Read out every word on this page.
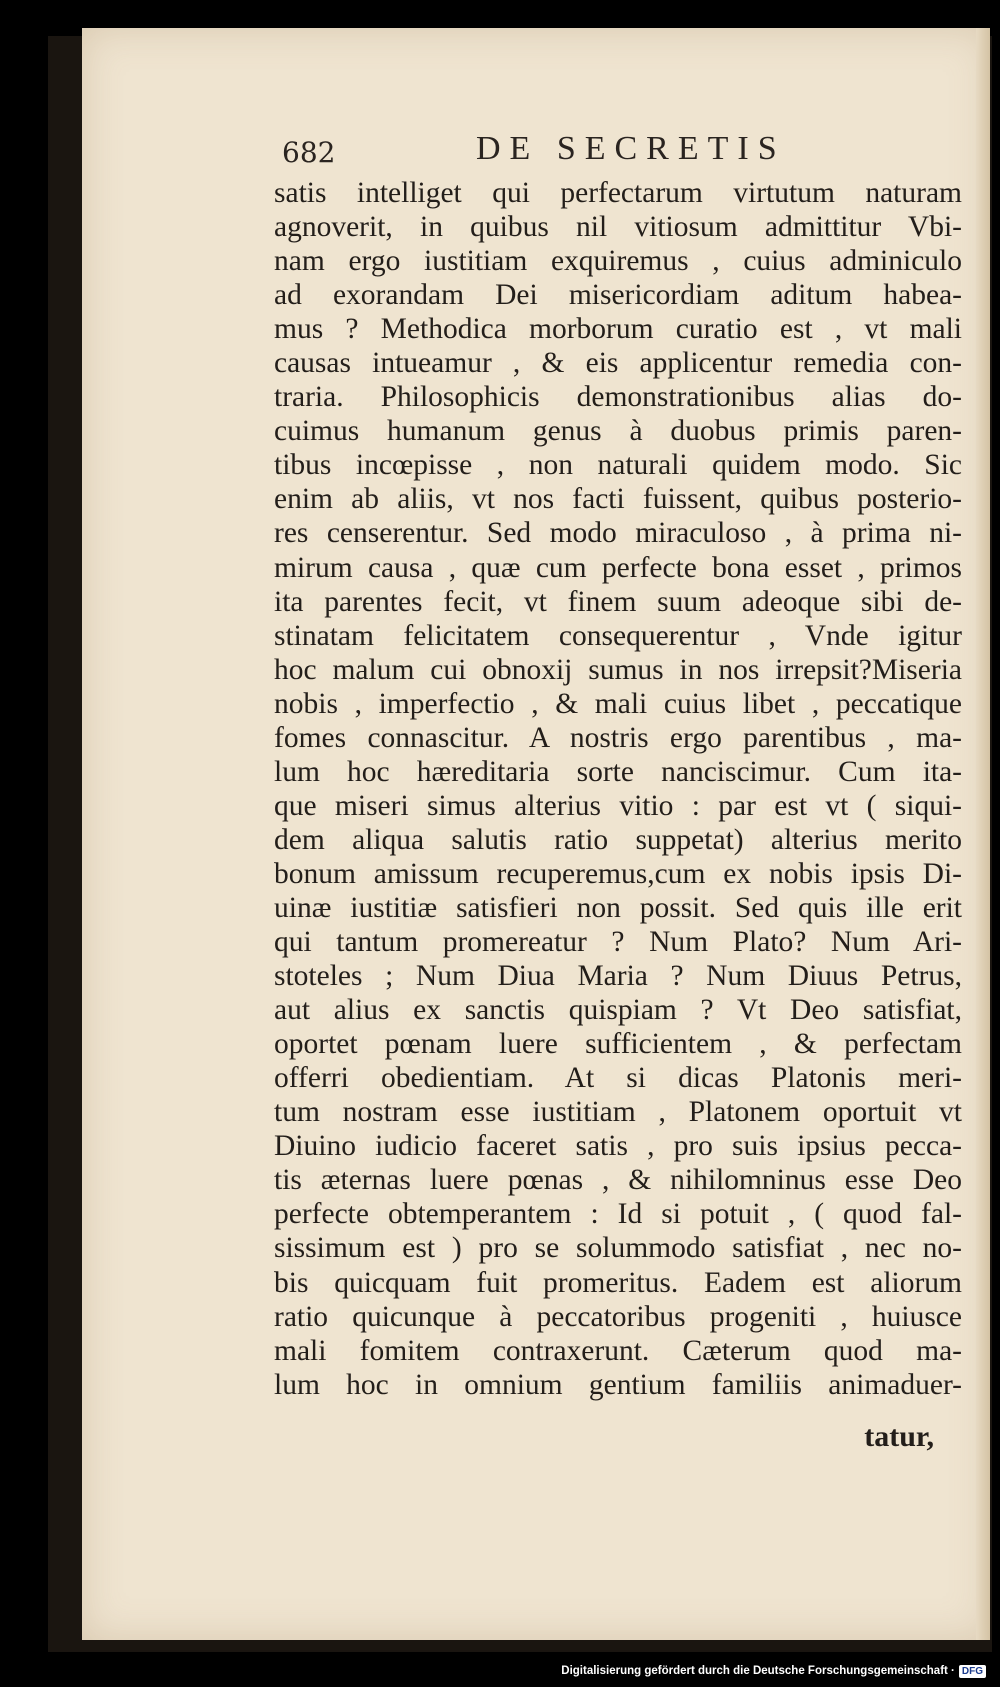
682	DE SECRETIS
satis intelliget qui perfectarum virtutum naturam
agnoverit, in quibus nil vitiosum admittitur Vbi-
nam ergo iustitiam exquiremus , cuius adminiculo
ad exorandam Dei misericordiam aditum habea-
mus ? Methodica morborum curatio est , vt mali
causas intueamur , & eis applicentur remedia con-
traria. Philosophicis demonstrationibus alias do-
cuimus humanum genus à duobus primis paren-
tibus incœpisse , non naturali quidem modo. Sic
enim ab aliis, vt nos facti fuissent, quibus posterio-
res censerentur. Sed modo miraculoso , à prima ni-
mirum causa , quæ cum perfecte bona esset , primos
ita parentes fecit, vt finem suum adeoque sibi de-
stinatam felicitatem consequerentur , Vnde igitur
hoc malum cui obnoxij sumus in nos irrepsit?Miseria
nobis , imperfectio , & mali cuius libet , peccatique
fomes connascitur. A nostris ergo parentibus , ma-
lum hoc hæreditaria sorte nanciscimur. Cum ita-
que miseri simus alterius vitio : par est vt ( siqui-
dem aliqua salutis ratio suppetat) alterius merito
bonum amissum recuperemus,cum ex nobis ipsis Di-
uinæ iustitiæ satisfieri non possit. Sed quis ille erit
qui tantum promereatur ? Num Plato? Num Ari-
stoteles ; Num Diua Maria ? Num Diuus Petrus,
aut alius ex sanctis quispiam ? Vt Deo satisfiat,
oportet pœnam luere sufficientem , & perfectam
offerri obedientiam. At si dicas Platonis meri-
tum nostram esse iustitiam , Platonem oportuit vt
Diuino iudicio faceret satis , pro suis ipsius pecca-
tis æternas luere pœnas , & nihilomninus esse Deo
perfecte obtemperantem : Id si potuit , ( quod fal-
sissimum est ) pro se solummodo satisfiat , nec no-
bis quicquam fuit promeritus. Eadem est aliorum
ratio quicunque à peccatoribus progeniti , huiusce
mali fomitem contraxerunt. Cæterum quod ma-
lum hoc in omnium gentium familiis animaduer-
tatur,
Digitalisierung gefördert durch die Deutsche Forschungsgemeinschaft · DFG
